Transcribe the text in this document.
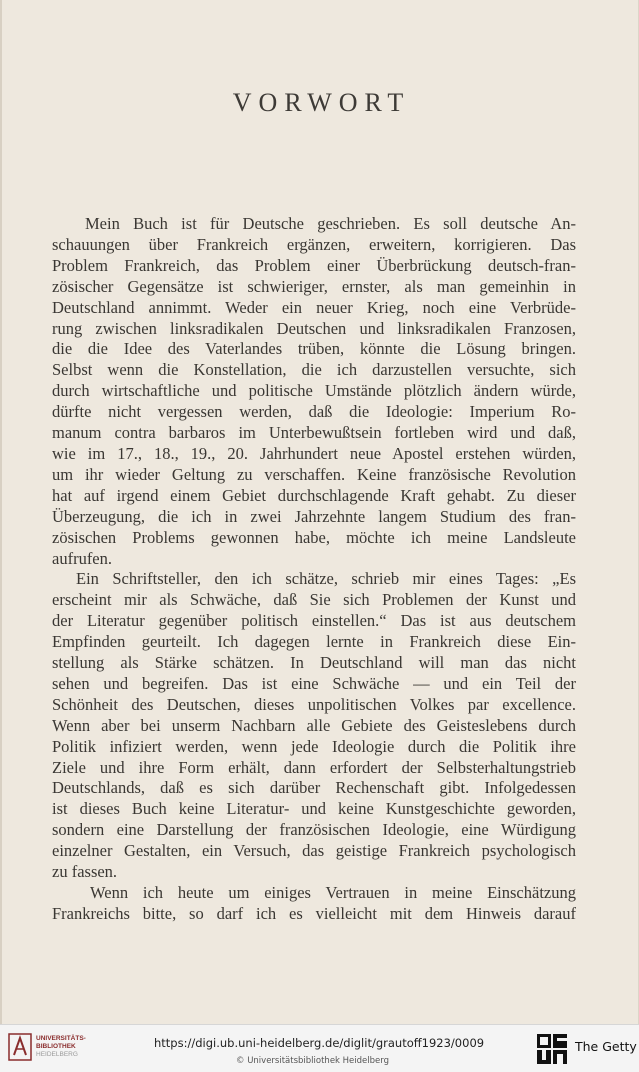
VORWORT
Mein Buch ist für Deutsche geschrieben. Es soll deutsche An-
schauungen über Frankreich ergänzen, erweitern, korrigieren. Das
Problem Frankreich, das Problem einer Überbrückung deutsch-fran-
zösischer Gegensätze ist schwieriger, ernster, als man gemeinhin in
Deutschland annimmt. Weder ein neuer Krieg, noch eine Verbrüde-
rung zwischen linksradikalen Deutschen und linksradikalen Franzosen,
die die Idee des Vaterlandes trüben, könnte die Lösung bringen.
Selbst wenn die Konstellation, die ich darzustellen versuchte, sich
durch wirtschaftliche und politische Umstände plötzlich ändern würde,
dürfte nicht vergessen werden, daß die Ideologie: Imperium Ro-
manum contra barbaros im Unterbewußtsein fortleben wird und daß,
wie im 17., 18., 19., 20. Jahrhundert neue Apostel erstehen würden,
um ihr wieder Geltung zu verschaffen. Keine französische Revolution
hat auf irgend einem Gebiet durchschlagende Kraft gehabt. Zu dieser
Überzeugung, die ich in zwei Jahrzehnte langem Studium des fran-
zösischen Problems gewonnen habe, möchte ich meine Landsleute
aufrufen.
Ein Schriftsteller, den ich schätze, schrieb mir eines Tages: „Es
erscheint mir als Schwäche, daß Sie sich Problemen der Kunst und
der Literatur gegenüber politisch einstellen.“ Das ist aus deutschem
Empfinden geurteilt. Ich dagegen lernte in Frankreich diese Ein-
stellung als Stärke schätzen. In Deutschland will man das nicht
sehen und begreifen. Das ist eine Schwäche — und ein Teil der
Schönheit des Deutschen, dieses unpolitischen Volkes par excellence.
Wenn aber bei unserm Nachbarn alle Gebiete des Geisteslebens durch
Politik infiziert werden, wenn jede Ideologie durch die Politik ihre
Ziele und ihre Form erhält, dann erfordert der Selbsterhaltungstrieb
Deutschlands, daß es sich darüber Rechenschaft gibt. Infolgedessen
ist dieses Buch keine Literatur- und keine Kunstgeschichte geworden,
sondern eine Darstellung der französischen Ideologie, eine Würdigung
einzelner Gestalten, ein Versuch, das geistige Frankreich psychologisch
zu fassen.
Wenn ich heute um einiges Vertrauen in meine Einschätzung
Frankreichs bitte, so darf ich es vielleicht mit dem Hinweis darauf
UNIVERSITÄTS-
BIBLIOTHEK
HEIDELBERG
https://digi.ub.uni-heidelberg.de/diglit/grautoff1923/0009
© Universitätsbibliothek Heidelberg
The Getty
